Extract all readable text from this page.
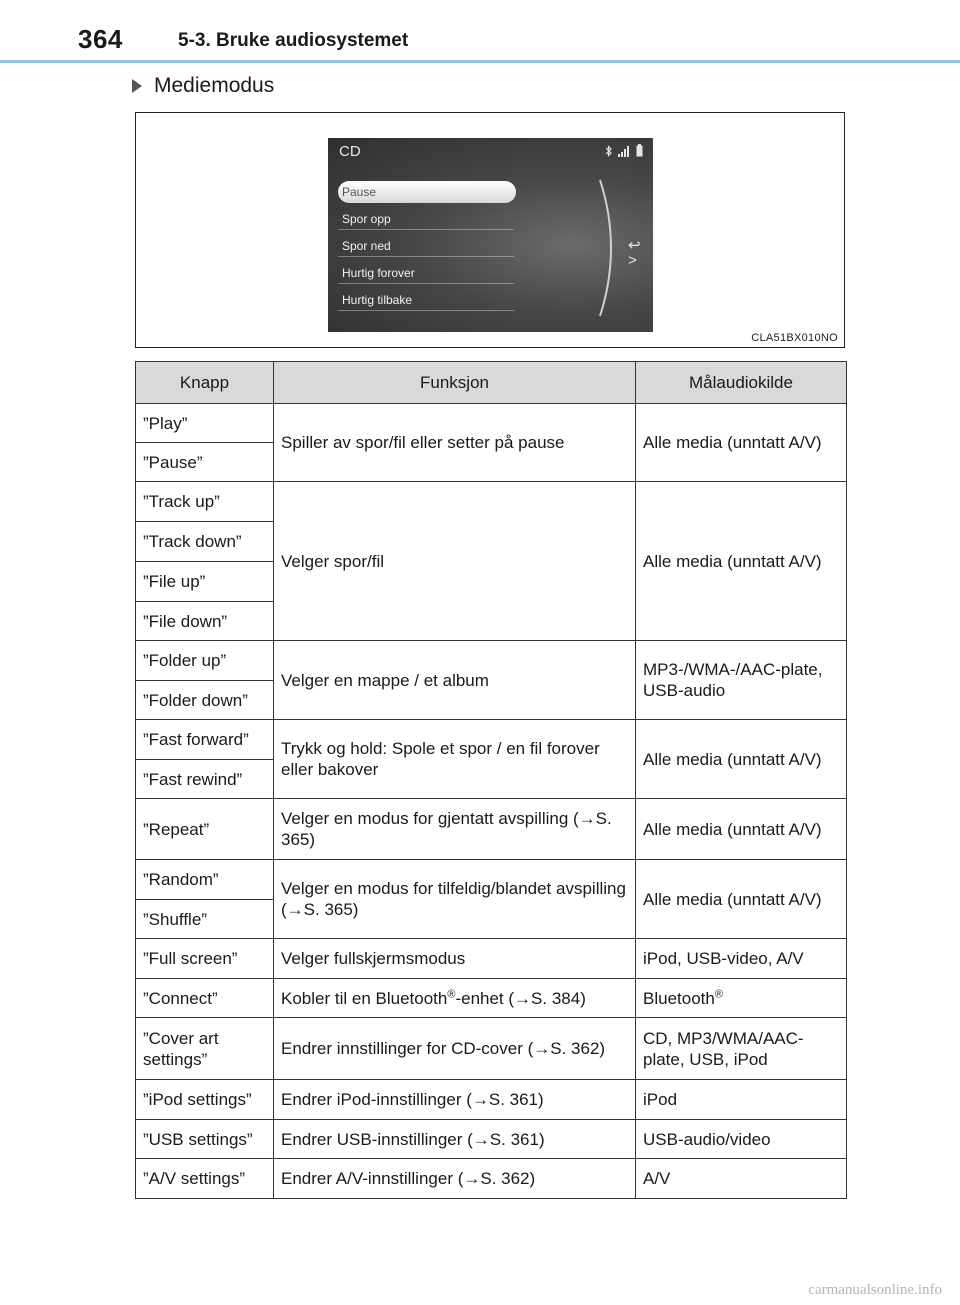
364	5-3. Bruke audiosystemet
Mediemodus
CD
Pause
Spor opp
Spor ned
Hurtig forover
Hurtig tilbake
↩
>
CLA51BX010NO
Knapp	Funksjon	Målaudiokilde
”Play”	Spiller av spor/fil eller setter på pause	Alle media (unntatt A/V)
”Pause”		
”Track up”	Velger spor/fil	Alle media (unntatt A/V)
”Track down”		
”File up”		
”File down”		
”Folder up”	Velger en mappe / et album	MP3-/WMA-/AAC-plate, USB-audio
”Folder down”		
”Fast forward”	Trykk og hold: Spole et spor / en fil forover eller bakover	Alle media (unntatt A/V)
”Fast rewind”		
”Repeat”	Velger en modus for gjentatt avspilling (→S. 365)	Alle media (unntatt A/V)
”Random”	Velger en modus for tilfeldig/blandet avspilling (→S. 365)	Alle media (unntatt A/V)
”Shuffle”		
”Full screen”	Velger fullskjermsmodus	iPod, USB-video, A/V
”Connect”	Kobler til en Bluetooth®-enhet (→S. 384)	Bluetooth®
”Cover art settings”	Endrer innstillinger for CD-cover (→S. 362)	CD, MP3/WMA/AAC-plate, USB, iPod
”iPod settings”	Endrer iPod-innstillinger (→S. 361)	iPod
”USB settings”	Endrer USB-innstillinger (→S. 361)	USB-audio/video
”A/V settings”	Endrer A/V-innstillinger (→S. 362)	A/V
carmanualsonline.info
